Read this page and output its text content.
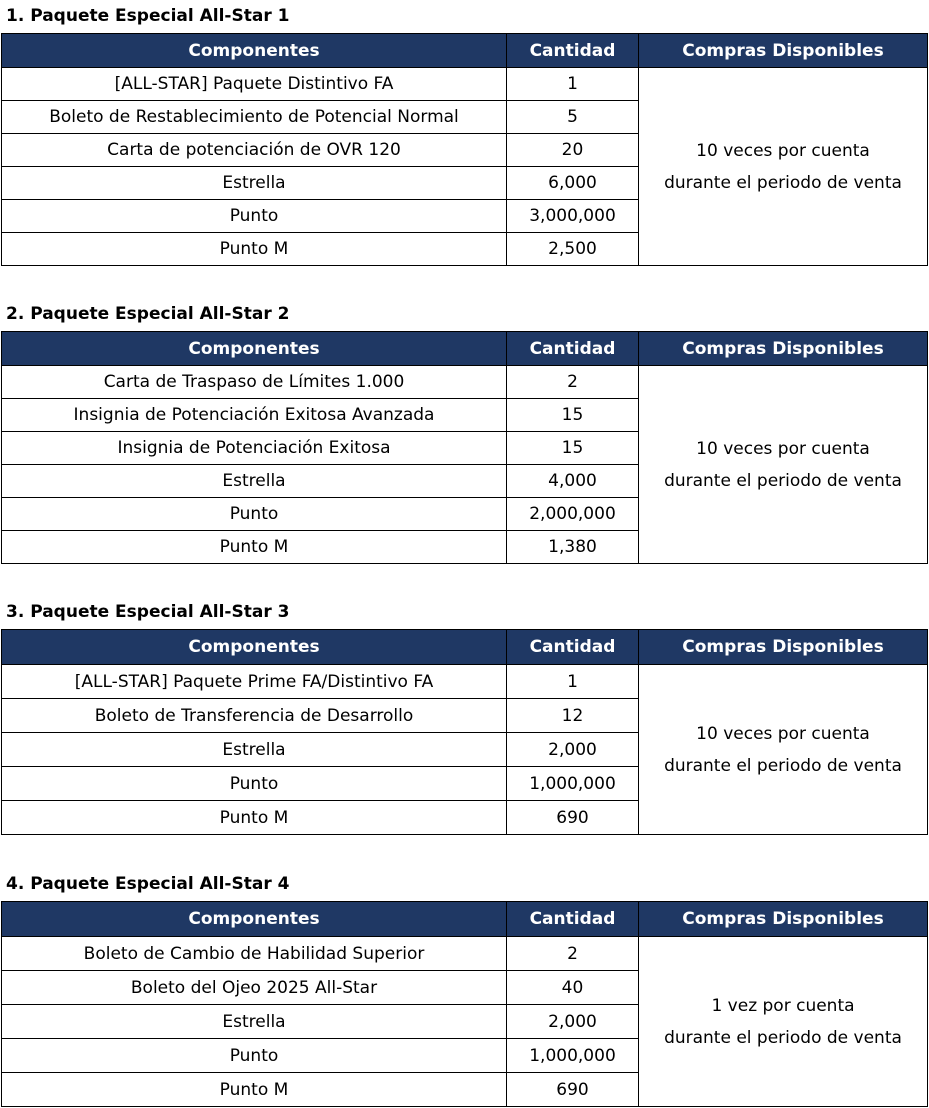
1. Paquete Especial All-Star 1
Componentes	Cantidad	Compras Disponibles
[ALL-STAR] Paquete Distintivo FA	1	10 veces por cuenta
durante el periodo de venta

Boleto de Restablecimiento de Potencial Normal	5	
Carta de potenciación de OVR 120	20	
Estrella	6,000	
Punto	3,000,000	
Punto M	2,500	
2. Paquete Especial All-Star 2
Componentes	Cantidad	Compras Disponibles
Carta de Traspaso de Límites 1.000	2	10 veces por cuenta
durante el periodo de venta

Insignia de Potenciación Exitosa Avanzada	15	
Insignia de Potenciación Exitosa	15	
Estrella	4,000	
Punto	2,000,000	
Punto M	1,380	
3. Paquete Especial All-Star 3
Componentes	Cantidad	Compras Disponibles
[ALL-STAR] Paquete Prime FA/Distintivo FA	1	10 veces por cuenta
durante el periodo de venta

Boleto de Transferencia de Desarrollo	12	
Estrella	2,000	
Punto	1,000,000	
Punto M	690	
4. Paquete Especial All-Star 4
Componentes	Cantidad	Compras Disponibles
Boleto de Cambio de Habilidad Superior	2	1 vez por cuenta
durante el periodo de venta

Boleto del Ojeo 2025 All-Star	40	
Estrella	2,000	
Punto	1,000,000	
Punto M	690	
